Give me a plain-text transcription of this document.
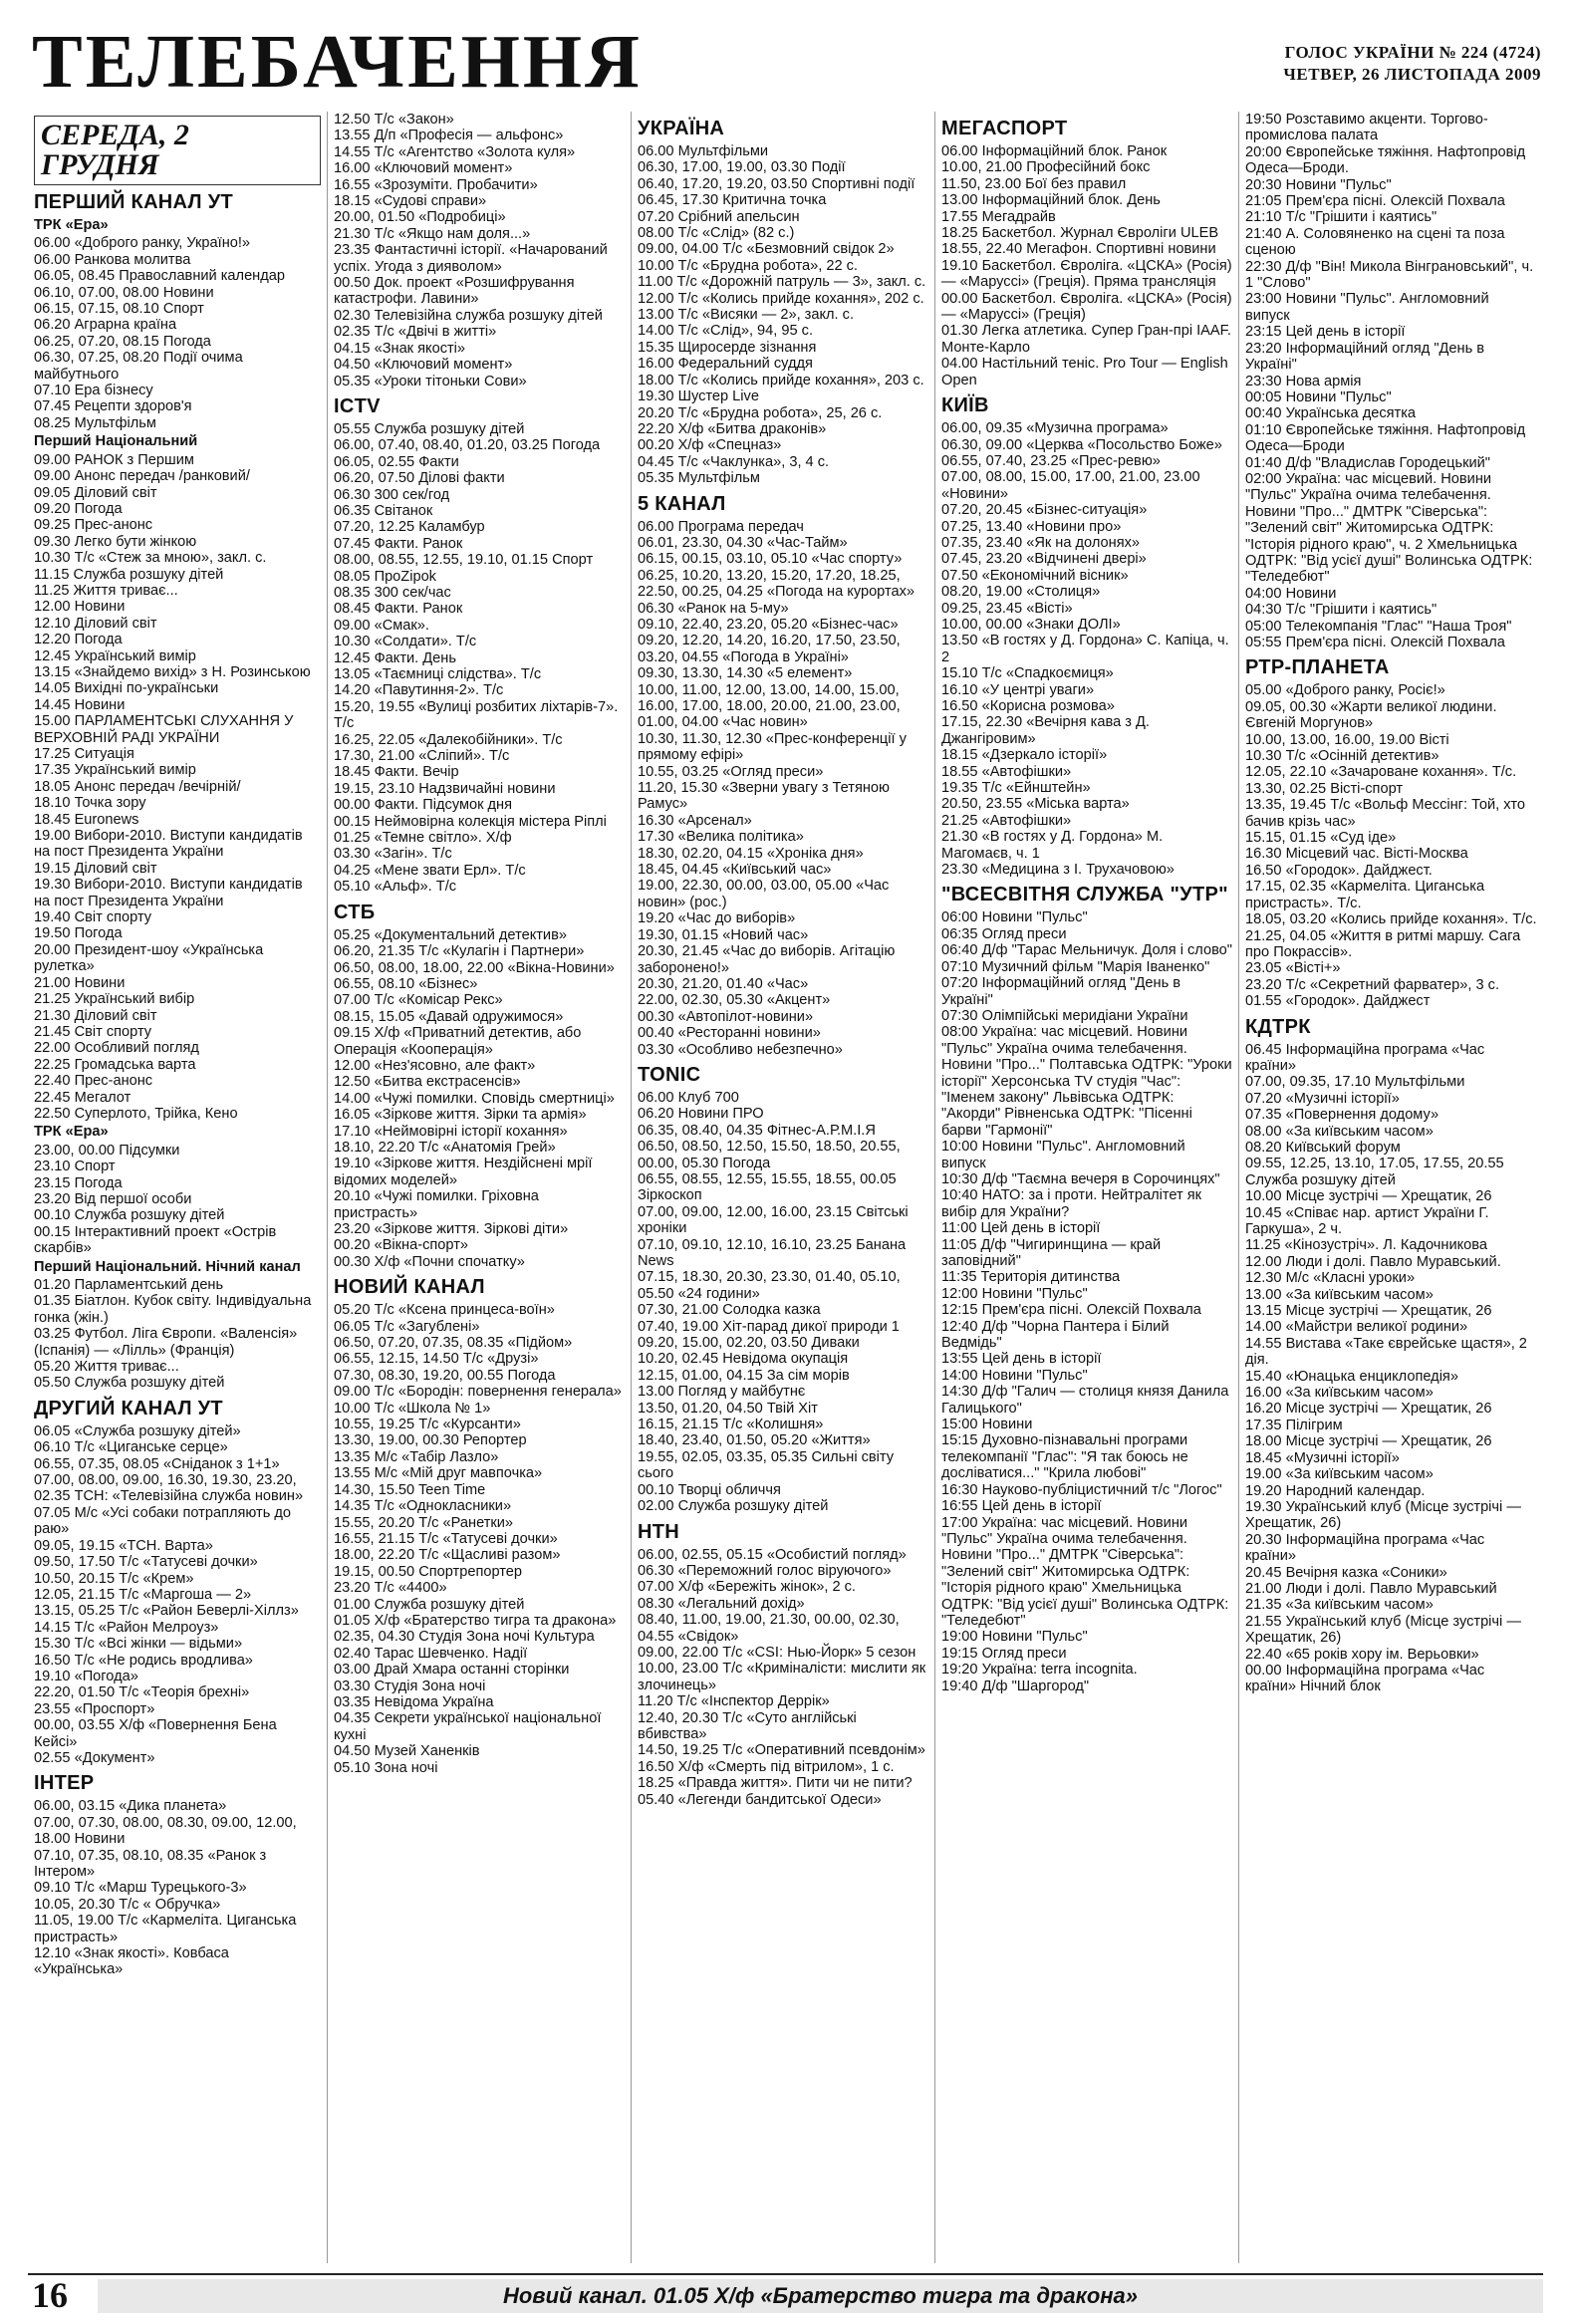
ТЕЛЕБАЧЕННЯ	ГОЛОС УКРАЇНИ № 224 (4724)
ЧЕТВЕР, 26 ЛИСТОПАДА 2009
СЕРЕДА, 2 ГРУДНЯ
ПЕРШИЙ КАНАЛ УТ
ТРК «Ера»
06.00 «Доброго ранку, Україно!»
06.00 Ранкова молитва
06.05, 08.45 Православний календар
06.10, 07.00, 08.00 Новини
06.15, 07.15, 08.10 Спорт
06.20 Аграрна країна
06.25, 07.20, 08.15 Погода
06.30, 07.25, 08.20 Події очима майбутнього
07.10 Ера бізнесу
07.45 Рецепти здоров'я
08.25 Мультфільм
Перший Національний
09.00 РАНОК з Першим
09.00 Анонс передач /ранковий/
09.05 Діловий світ
09.20 Погода
09.25 Прес-анонс
09.30 Легко бути жінкою
10.30 Т/с «Стеж за мною», закл. с.
11.15 Служба розшуку дітей
11.25 Життя триває...
12.00 Новини
12.10 Діловий світ
12.20 Погода
12.45 Український вимір
13.15 «Знайдемо вихід» з Н. Розинською
14.05 Вихідні по-українськи
14.45 Новини
15.00 ПАРЛАМЕНТСЬКІ СЛУХАННЯ У ВЕРХОВНІЙ РАДІ УКРАЇНИ
17.25 Ситуація
17.35 Український вимір
18.05 Анонс передач /вечірній/
18.10 Точка зору
18.45 Euronews
19.00 Вибори-2010. Виступи кандидатів на пост Президента України
19.15 Діловий світ
19.30 Вибори-2010. Виступи кандидатів на пост Президента України
19.40 Світ спорту
19.50 Погода
20.00 Президент-шоу «Українська рулетка»
21.00 Новини
21.25 Український вибір
21.30 Діловий світ
21.45 Світ спорту
22.00 Особливий погляд
22.25 Громадська варта
22.40 Прес-анонс
22.45 Мегалот
22.50 Суперлото, Трійка, Кено
ТРК «Ера»
23.00, 00.00 Підсумки
23.10 Спорт
23.15 Погода
23.20 Від першої особи
00.10 Служба розшуку дітей
00.15 Інтерактивний проект «Острів скарбів»
Перший Національний. Нічний канал
01.20 Парламентський день
01.35 Біатлон. Кубок світу. Індивідуальна гонка (жін.)
03.25 Футбол. Ліга Європи. «Валенсія» (Іспанія) — «Лілль» (Франція)
05.20 Життя триває...
05.50 Служба розшуку дітей
ДРУГИЙ КАНАЛ УТ
06.05 «Служба розшуку дітей»
06.10 Т/с «Циганське серце»
06.55, 07.35, 08.05 «Сніданок з 1+1»
07.00, 08.00, 09.00, 16.30, 19.30, 23.20, 02.35 ТСН: «Телевізійна служба новин»
07.05 М/с «Усі собаки потрапляють до раю»
09.05, 19.15 «ТСН. Варта»
09.50, 17.50 Т/с «Татусеві дочки»
10.50, 20.15 Т/с «Крем»
12.05, 21.15 Т/с «Маргоша — 2»
13.15, 05.25 Т/с «Район Беверлі-Хіллз»
14.15 Т/с «Район Мелроуз»
15.30 Т/с «Всі жінки — відьми»
16.50 Т/с «Не родись вродлива»
19.10 «Погода»
22.20, 01.50 Т/с «Теорія брехні»
23.55 «Проспорт»
00.00, 03.55 Х/ф «Повернення Бена Кейсі»
02.55 «Документ»
ІНТЕР
06.00, 03.15 «Дика планета»
07.00, 07.30, 08.00, 08.30, 09.00, 12.00, 18.00 Новини
07.10, 07.35, 08.10, 08.35 «Ранок з Інтером»
09.10 Т/с «Марш Турецького-3»
10.05, 20.30 Т/с « Обручка»
11.05, 19.00 Т/с «Кармеліта. Циганська пристрасть»
12.10 «Знак якості». Ковбаса «Українська»
12.50 Т/с «Закон»
13.55 Д/п «Професія — альфонс»
14.55 Т/с «Агентство «Золота куля»
16.00 «Ключовий момент»
16.55 «Зрозуміти. Пробачити»
18.15 «Судові справи»
20.00, 01.50 «Подробиці»
21.30 Т/с «Якщо нам доля...»
23.35 Фантастичні історії. «Начарований успіх. Угода з дияволом»
00.50 Док. проект «Розшифрування катастрофи. Лавини»
02.30 Телевізійна служба розшуку дітей
02.35 Т/с «Двічі в житті»
04.15 «Знак якості»
04.50 «Ключовий момент»
05.35 «Уроки тітоньки Сови»
ICTV
05.55 Служба розшуку дітей
06.00, 07.40, 08.40, 01.20, 03.25 Погода
06.05, 02.55 Факти
06.20, 07.50 Ділові факти
06.30 300 сек/год
06.35 Світанок
07.20, 12.25 Каламбур
07.45 Факти. Ранок
08.00, 08.55, 12.55, 19.10, 01.15 Спорт
08.05 ПроZipok
08.35 300 сек/час
08.45 Факти. Ранок
09.00 «Смак».
10.30 «Солдати». Т/с
12.45 Факти. День
13.05 «Таємниці слідства». Т/с
14.20 «Павутиння-2». Т/с
15.20, 19.55 «Вулиці розбитих ліхтарів-7». Т/с
16.25, 22.05 «Далекобійники». Т/с
17.30, 21.00 «Сліпий». Т/с
18.45 Факти. Вечір
19.15, 23.10 Надзвичайні новини
00.00 Факти. Підсумок дня
00.15 Неймовірна колекція містера Ріплі
01.25 «Темне світло». Х/ф
03.30 «Загін». Т/с
04.25 «Мене звати Ерл». Т/с
05.10 «Альф». Т/с
СТБ
05.25 «Документальний детектив»
06.20, 21.35 Т/с «Кулагін і Партнери»
06.50, 08.00, 18.00, 22.00 «Вікна-Новини»
06.55, 08.10 «Бізнес»
07.00 Т/с «Комісар Рекс»
08.15, 15.05 «Давай одружимося»
09.15 Х/ф «Приватний детектив, або Операція «Кооперація»
12.00 «Нез'ясовно, але факт»
12.50 «Битва екстрасенсів»
14.00 «Чужі помилки. Сповідь смертниці»
16.05 «Зіркове життя. Зірки та армія»
17.10 «Неймовірні історії кохання»
18.10, 22.20 Т/с «Анатомія Грей»
19.10 «Зіркове життя. Нездійснені мрії відомих моделей»
20.10 «Чужі помилки. Гріховна пристрасть»
23.20 «Зіркове життя. Зіркові діти»
00.20 «Вікна-спорт»
00.30 Х/ф «Почни спочатку»
НОВИЙ КАНАЛ
05.20 Т/с «Ксена принцеса-воїн»
06.05 Т/с «Загублені»
06.50, 07.20, 07.35, 08.35 «Підйом»
06.55, 12.15, 14.50 Т/с «Друзі»
07.30, 08.30, 19.20, 00.55 Погода
09.00 Т/с «Бородін: повернення генерала»
10.00 Т/с «Школа № 1»
10.55, 19.25 Т/с «Курсанти»
13.30, 19.00, 00.30 Репортер
13.35 М/с «Табір Лазло»
13.55 М/с «Мій друг мавпочка»
14.30, 15.50 Teen Time
14.35 Т/с «Однокласники»
15.55, 20.20 Т/с «Ранетки»
16.55, 21.15 Т/с «Татусеві дочки»
18.00, 22.20 Т/с «Щасливі разом»
19.15, 00.50 Спортрепортер
23.20 Т/с «4400»
01.00 Служба розшуку дітей
01.05 Х/ф «Братерство тигра та дракона»
02.35, 04.30 Студія Зона ночі Культура
02.40 Тарас Шевченко. Надії
03.00 Драй Хмара останні сторінки
03.30 Студія Зона ночі
03.35 Невідома Україна
04.35 Секрети української національної кухні
04.50 Музей Ханенків
05.10 Зона ночі
УКРАЇНА
06.00 Мультфільми
06.30, 17.00, 19.00, 03.30 Події
06.40, 17.20, 19.20, 03.50 Спортивні події
06.45, 17.30 Критична точка
07.20 Срібний апельсин
08.00 Т/с «Слід» (82 с.)
09.00, 04.00 Т/с «Безмовний свідок 2»
10.00 Т/с «Брудна робота», 22 с.
11.00 Т/с «Дорожній патруль — 3», закл. с.
12.00 Т/с «Колись прийде кохання», 202 с.
13.00 Т/с «Висяки — 2», закл. с.
14.00 Т/с «Слід», 94, 95 с.
15.35 Щиросерде зізнання
16.00 Федеральний суддя
18.00 Т/с «Колись прийде кохання», 203 с.
19.30 Шустер Live
20.20 Т/с «Брудна робота», 25, 26 с.
22.20 Х/ф «Битва драконів»
00.20 Х/ф «Спецназ»
04.45 Т/с «Чаклунка», 3, 4 с.
05.35 Мультфільм
5 КАНАЛ
06.00 Програма передач
06.01, 23.30, 04.30 «Час-Тайм»
06.15, 00.15, 03.10, 05.10 «Час спорту»
06.25, 10.20, 13.20, 15.20, 17.20, 18.25, 22.50, 00.25, 04.25 «Погода на курортах»
06.30 «Ранок на 5-му»
09.10, 22.40, 23.20, 05.20 «Бізнес-час»
09.20, 12.20, 14.20, 16.20, 17.50, 23.50, 03.20, 04.55 «Погода в Україні»
09.30, 13.30, 14.30 «5 елемент»
10.00, 11.00, 12.00, 13.00, 14.00, 15.00, 16.00, 17.00, 18.00, 20.00, 21.00, 23.00, 01.00, 04.00 «Час новин»
10.30, 11.30, 12.30 «Прес-конференції у прямому ефірі»
10.55, 03.25 «Огляд преси»
11.20, 15.30 «Зверни увагу з Тетяною Рамус»
16.30 «Арсенал»
17.30 «Велика політика»
18.30, 02.20, 04.15 «Хроніка дня»
18.45, 04.45 «Київський час»
19.00, 22.30, 00.00, 03.00, 05.00 «Час новин» (рос.)
19.20 «Час до виборів»
19.30, 01.15 «Новий час»
20.30, 21.45 «Час до виборів. Агітацію заборонено!»
20.30, 21.20, 01.40 «Час»
22.00, 02.30, 05.30 «Акцент»
00.30 «Автопілот-новини»
00.40 «Ресторанні новини»
03.30 «Особливо небезпечно»
TONIC
06.00 Клуб 700
06.20 Новини ПРО
06.35, 08.40, 04.35 Фітнес-А.Р.М.І.Я
06.50, 08.50, 12.50, 15.50, 18.50, 20.55, 00.00, 05.30 Погода
06.55, 08.55, 12.55, 15.55, 18.55, 00.05 Зіркоскоп
07.00, 09.00, 12.00, 16.00, 23.15 Світські хроніки
07.10, 09.10, 12.10, 16.10, 23.25 Банана News
07.15, 18.30, 20.30, 23.30, 01.40, 05.10, 05.50 «24 години»
07.30, 21.00 Солодка казка
07.40, 19.00 Хіт-парад дикої природи 1
09.20, 15.00, 02.20, 03.50 Диваки
10.20, 02.45 Невідома окупація
12.15, 01.00, 04.15 За сім морів
13.00 Погляд у майбутнє
13.50, 01.20, 04.50 Твій Хіт
16.15, 21.15 Т/с «Колишня»
18.40, 23.40, 01.50, 05.20 «Життя»
19.55, 02.05, 03.35, 05.35 Сильні світу сього
00.10 Творці обличчя
02.00 Служба розшуку дітей
НТН
06.00, 02.55, 05.15 «Особистий погляд»
06.30 «Переможний голос віруючого»
07.00 Х/ф «Бережіть жінок», 2 с.
08.30 «Легальний дохід»
08.40, 11.00, 19.00, 21.30, 00.00, 02.30, 04.55 «Свідок»
09.00, 22.00 Т/с «CSI: Нью-Йорк» 5 сезон
10.00, 23.00 Т/с «Криміналісти: мислити як злочинець»
11.20 Т/с «Інспектор Деррік»
12.40, 20.30 Т/с «Суто англійські вбивства»
14.50, 19.25 Т/с «Оперативний псевдонім»
16.50 Х/ф «Смерть під вітрилом», 1 с.
18.25 «Правда життя». Пити чи не пити?
05.40 «Легенди бандитської Одеси»
МЕГАСПОРТ
06.00 Інформаційний блок. Ранок
10.00, 21.00 Професійний бокс
11.50, 23.00 Бої без правил
13.00 Інформаційний блок. День
17.55 Мегадрайв
18.25 Баскетбол. Журнал Євроліги ULEB
18.55, 22.40 Мегафон. Спортивні новини
19.10 Баскетбол. Євроліга. «ЦСКА» (Росія) — «Маруссі» (Греція). Пряма трансляція
00.00 Баскетбол. Євроліга. «ЦСКА» (Росія) — «Маруссі» (Греція)
01.30 Легка атлетика. Супер Гран-прі IAAF. Монте-Карло
04.00 Настільний теніс. Pro Tour — English Open
КИЇВ
06.00, 09.35 «Музична програма»
06.30, 09.00 «Церква «Посольство Боже»
06.55, 07.40, 23.25 «Прес-ревю»
07.00, 08.00, 15.00, 17.00, 21.00, 23.00 «Новини»
07.20, 20.45 «Бізнес-ситуація»
07.25, 13.40 «Новини про»
07.35, 23.40 «Як на долонях»
07.45, 23.20 «Відчинені двері»
07.50 «Економічний вісник»
08.20, 19.00 «Столиця»
09.25, 23.45 «Вісті»
10.00, 00.00 «Знаки ДОЛІ»
13.50 «В гостях у Д. Гордона» С. Капіца, ч. 2
15.10 Т/с «Спадкоємиця»
16.10 «У центрі уваги»
16.50 «Корисна розмова»
17.15, 22.30 «Вечірня кава з Д. Джангіровим»
18.15 «Дзеркало історії»
18.55 «Автофішки»
19.35 Т/с «Ейнштейн»
20.50, 23.55 «Міська варта»
21.25 «Автофішки»
21.30 «В гостях у Д. Гордона» М. Магомаєв, ч. 1
23.30 «Медицина з І. Трухачовою»
"ВСЕСВІТНЯ СЛУЖБА "УТР"
06:00 Новини "Пульс"
06:35 Огляд преси
06:40 Д/ф "Тарас Мельничук. Доля і слово"
07:10 Музичний фільм "Марія Іваненко"
07:20 Інформаційний огляд "День в Україні"
07:30 Олімпійські меридіани України
08:00 Україна: час місцевий. Новини "Пульс" Україна очима телебачення. Новини "Про..." Полтавська ОДТРК: "Уроки історії" Херсонська TV студія "Час": "Іменем закону" Львівська ОДТРК: "Акорди" Рівненська ОДТРК: "Пісенні барви "Гармонії"
10:00 Новини "Пульс". Англомовний випуск
10:30 Д/ф "Таємна вечеря в Сорочинцях"
10:40 НАТО: за і проти. Нейтралітет як вибір для України?
11:00 Цей день в історії
11:05 Д/ф "Чигиринщина — край заповідний"
11:35 Територія дитинства
12:00 Новини "Пульс"
12:15 Прем'єра пісні. Олексій Похвала
12:40 Д/ф "Чорна Пантера і Білий Ведмідь"
13:55 Цей день в історії
14:00 Новини "Пульс"
14:30 Д/ф "Галич — столиця князя Данила Галицького"
15:00 Новини
15:15 Духовно-пізнавальні програми телекомпанії "Глас": "Я так боюсь не досліватися..." "Крила любові"
16:30 Науково-публіцистичний т/с "Логос"
16:55 Цей день в історії
17:00 Україна: час місцевий. Новини "Пульс" Україна очима телебачення. Новини "Про..." ДМТРК "Сіверська": "Зелений світ" Житомирська ОДТРК: "Історія рідного краю" Хмельницька ОДТРК: "Від усієї душі" Волинська ОДТРК: "Теледебют"
19:00 Новини "Пульс"
19:15 Огляд преси
19:20 Україна: terra incognita.
19:40 Д/ф "Шаргород"
19:50 Розставимо акценти. Торгово-промислова палата
20:00 Європейське тяжіння. Нафтопровід Одеса—Броди.
20:30 Новини "Пульс"
21:05 Прем'єра пісні. Олексій Похвала
21:10 Т/с "Грішити і каятись"
21:40 А. Соловяненко на сцені та поза сценою
22:30 Д/ф "Він! Микола Вінграновський", ч. 1 "Слово"
23:00 Новини "Пульс". Англомовний випуск
23:15 Цей день в історії
23:20 Інформаційний огляд "День в Україні"
23:30 Нова армія
00:05 Новини "Пульс"
00:40 Українська десятка
01:10 Європейське тяжіння. Нафтопровід Одеса—Броди
01:40 Д/ф "Владислав Городецький"
02:00 Україна: час місцевий. Новини "Пульс" Україна очима телебачення. Новини "Про..." ДМТРК "Сіверська": "Зелений світ" Житомирська ОДТРК: "Історія рідного краю", ч. 2 Хмельницька ОДТРК: "Від усієї душі" Волинська ОДТРК: "Теледебют"
04:00 Новини
04:30 Т/с "Грішити і каятись"
05:00 Телекомпанія "Глас" "Наша Троя"
05:55 Прем'єра пісні. Олексій Похвала
РТР-ПЛАНЕТА
05.00 «Доброго ранку, Росіє!»
09.05, 00.30 «Жарти великої людини. Євгеній Моргунов»
10.00, 13.00, 16.00, 19.00 Вісті
10.30 Т/с «Осінній детектив»
12.05, 22.10 «Зачароване кохання». Т/с.
13.30, 02.25 Вісті-спорт
13.35, 19.45 Т/с «Вольф Мессінг: Той, хто бачив крізь час»
15.15, 01.15 «Суд іде»
16.30 Місцевий час. Вісті-Москва
16.50 «Городок». Дайджест.
17.15, 02.35 «Кармеліта. Циганська пристрасть». Т/с.
18.05, 03.20 «Колись прийде кохання». Т/с.
21.25, 04.05 «Життя в ритмі маршу. Сага про Покрассів».
23.05 «Вісті+»
23.20 Т/с «Секретний фарватер», 3 с.
01.55 «Городок». Дайджест
КДТРК
06.45 Інформаційна програма «Час країни»
07.00, 09.35, 17.10 Мультфільми
07.20 «Музичні історії»
07.35 «Повернення додому»
08.00 «За київським часом»
08.20 Київський форум
09.55, 12.25, 13.10, 17.05, 17.55, 20.55 Служба розшуку дітей
10.00 Місце зустрічі — Хрещатик, 26
10.45 «Співає нар. артист України Г. Гаркуша», 2 ч.
11.25 «Кінозустріч». Л. Кадочникова
12.00 Люди і долі. Павло Муравський.
12.30 М/с «Класні уроки»
13.00 «За київським часом»
13.15 Місце зустрічі — Хрещатик, 26
14.00 «Майстри великої родини»
14.55 Вистава «Таке єврейське щастя», 2 дія.
15.40 «Юнацька енциклопедія»
16.00 «За київським часом»
16.20 Місце зустрічі — Хрещатик, 26
17.35 Пілігрим
18.00 Місце зустрічі — Хрещатик, 26
18.45 «Музичні історії»
19.00 «За київським часом»
19.20 Народний календар.
19.30 Український клуб (Місце зустрічі — Хрещатик, 26)
20.30 Інформаційна програма «Час країни»
20.45 Вечірня казка «Соники»
21.00 Люди і долі. Павло Муравський
21.35 «За київським часом»
21.55 Український клуб (Місце зустрічі — Хрещатик, 26)
22.40 «65 років хору ім. Верьовки»
00.00 Інформаційна програма «Час країни» Нічний блок
16	Новий канал. 01.05 Х/ф «Братерство тигра та дракона»
